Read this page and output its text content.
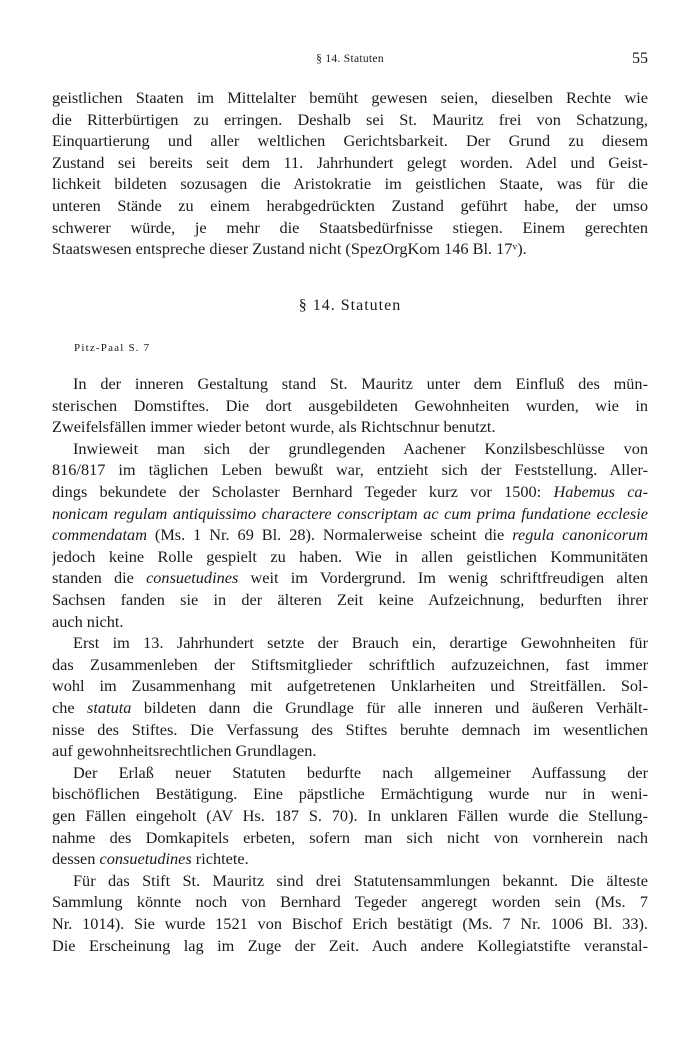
§ 14. Statuten	55
geistlichen Staaten im Mittelalter bemüht gewesen seien, dieselben Rechte wie
die Ritterbürtigen zu erringen. Deshalb sei St. Mauritz frei von Schatzung,
Einquartierung und aller weltlichen Gerichtsbarkeit. Der Grund zu diesem
Zustand sei bereits seit dem 11. Jahrhundert gelegt worden. Adel und Geist-
lichkeit bildeten sozusagen die Aristokratie im geistlichen Staate, was für die
unteren Stände zu einem herabgedrückten Zustand geführt habe, der umso
schwerer würde, je mehr die Staatsbedürfnisse stiegen. Einem gerechten
Staatswesen entspreche dieser Zustand nicht (SpezOrgKom 146 Bl. 17ᵛ).
§ 14. Statuten
Pitz-Paal S. 7
In der inneren Gestaltung stand St. Mauritz unter dem Einfluß des mün-
sterischen Domstiftes. Die dort ausgebildeten Gewohnheiten wurden, wie in
Zweifelsfällen immer wieder betont wurde, als Richtschnur benutzt.
Inwieweit man sich der grundlegenden Aachener Konzilsbeschlüsse von
816/817 im täglichen Leben bewußt war, entzieht sich der Feststellung. Aller-
dings bekundete der Scholaster Bernhard Tegeder kurz vor 1500: Habemus ca-
nonicam regulam antiquissimo charactere conscriptam ac cum prima fundatione ecclesie
commendatam (Ms. 1 Nr. 69 Bl. 28). Normalerweise scheint die regula canonicorum
jedoch keine Rolle gespielt zu haben. Wie in allen geistlichen Kommunitäten
standen die consuetudines weit im Vordergrund. Im wenig schriftfreudigen alten
Sachsen fanden sie in der älteren Zeit keine Aufzeichnung, bedurften ihrer
auch nicht.
Erst im 13. Jahrhundert setzte der Brauch ein, derartige Gewohnheiten für
das Zusammenleben der Stiftsmitglieder schriftlich aufzuzeichnen, fast immer
wohl im Zusammenhang mit aufgetretenen Unklarheiten und Streitfällen. Sol-
che statuta bildeten dann die Grundlage für alle inneren und äußeren Verhält-
nisse des Stiftes. Die Verfassung des Stiftes beruhte demnach im wesentlichen
auf gewohnheitsrechtlichen Grundlagen.
Der Erlaß neuer Statuten bedurfte nach allgemeiner Auffassung der
bischöflichen Bestätigung. Eine päpstliche Ermächtigung wurde nur in weni-
gen Fällen eingeholt (AV Hs. 187 S. 70). In unklaren Fällen wurde die Stellung-
nahme des Domkapitels erbeten, sofern man sich nicht von vornherein nach
dessen consuetudines richtete.
Für das Stift St. Mauritz sind drei Statutensammlungen bekannt. Die älteste
Sammlung könnte noch von Bernhard Tegeder angeregt worden sein (Ms. 7
Nr. 1014). Sie wurde 1521 von Bischof Erich bestätigt (Ms. 7 Nr. 1006 Bl. 33).
Die Erscheinung lag im Zuge der Zeit. Auch andere Kollegiatstifte veranstal-
